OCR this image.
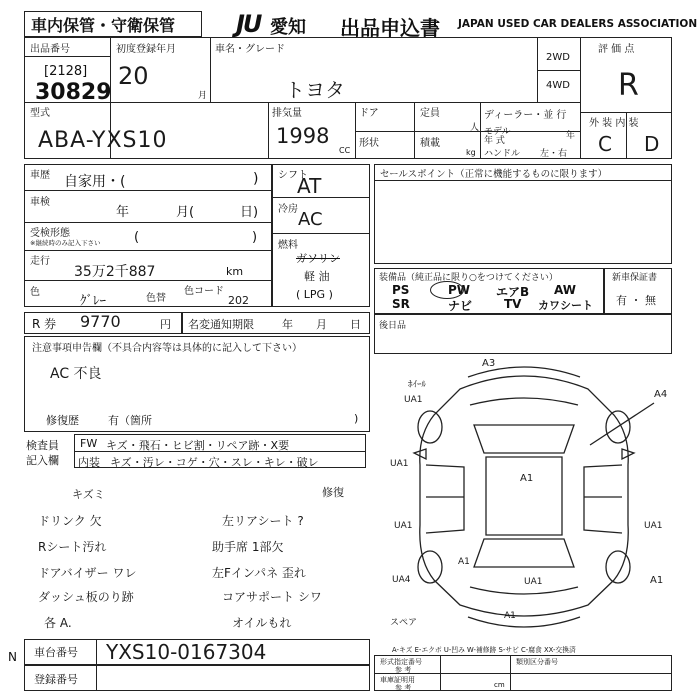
車内保管・守衛保管	JU 愛知 出品申込書 JAPAN USED CAR DEALERS ASSOCIATION
出品番号
[2128]
30829
初度登録年月
20
月
車名・グレード
トヨタ
2WD
4WD
評 価 点
R
外 装 内 装
C D
型式
ABA-YXS10
排気量
1998
CC
ドア	定員
人
ディーラー・並 行
モデル
年 式	年
形状	積載
kg ハンドル 左・右
車歴 自家用・(	)
車検
年	月(	日)
受検形態
※継続時のみ記入下さい	(	)
走行
35万2千887	km
色
ｸﾞﾚｰ	色替
色コード
202
シフト
AT
冷房 AC
燃料
ガソリン
軽 油
( LPG )
セールスポイント（正常に機能するものに限ります）
装備品（純正品に限り○をつけてください）
PS	PW	エアB	AW
SR	ナビ	TV	カワシート
新車保証書
有 ・ 無
R 券 9770	円 名変通知期限	年 月 日 後日品
注意事項申告欄（不具合内容等は具体的に記入して下さい）
AC 不良
修復歴	有（箇所	)
検査員
記入欄
FW キズ・飛石・ヒビ割・リペア跡・X要
内装 キズ・汚レ・コゲ・穴・スレ・キレ・破レ
キズミ	修復
ドリンク 欠	左リアシート ?
Rシート汚れ	助手席 1部欠
ドアバイザー ワレ	左Fインパネ 歪れ
ダッシュ板のり跡	コアサポート シワ
各 A.	オイルもれ
A3
ﾎｲｰﾙ
UA1	A4
UA1
A1
UA1	UA1
UA4
A1
UA1	A1
A1
スペア
A-キズ E-エクボ U-凹み W-補修跡 S-サビ C-腐食 XX-交換済
N 車台番号 YXS10-0167304
登録番号
形式指定番号
参 考
類別区分番号
車庫証明用
参 考	cm
